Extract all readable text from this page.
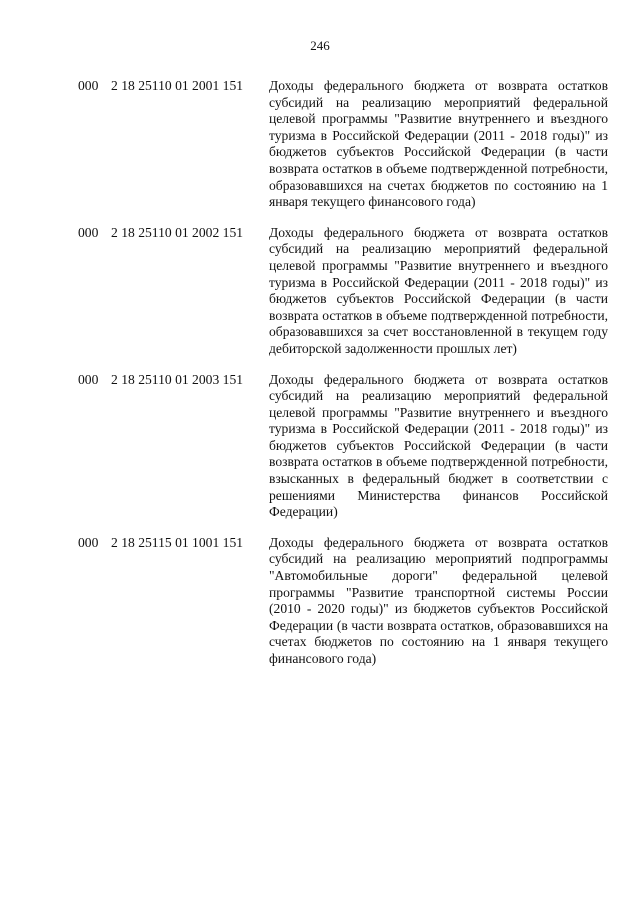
246
000 2 18 25110 01 2001 151	Доходы федерального бюджета от возврата остатков субсидий на реализацию мероприятий федеральной целевой программы "Развитие внутреннего и въездного туризма в Российской Федерации (2011 - 2018 годы)" из бюджетов субъектов Российской Федерации (в части возврата остатков в объеме подтвержденной потребности, образовавшихся на счетах бюджетов по состоянию на 1 января текущего финансового года)
000 2 18 25110 01 2002 151	Доходы федерального бюджета от возврата остатков субсидий на реализацию мероприятий федеральной целевой программы "Развитие внутреннего и въездного туризма в Российской Федерации (2011 - 2018 годы)" из бюджетов субъектов Российской Федерации (в части возврата остатков в объеме подтвержденной потребности, образовавшихся за счет восстановленной в текущем году дебиторской задолженности прошлых лет)
000 2 18 25110 01 2003 151	Доходы федерального бюджета от возврата остатков субсидий на реализацию мероприятий федеральной целевой программы "Развитие внутреннего и въездного туризма в Российской Федерации (2011 - 2018 годы)" из бюджетов субъектов Российской Федерации (в части возврата остатков в объеме подтвержденной потребности, взысканных в федеральный бюджет в соответствии с решениями Министерства финансов Российской Федерации)
000 2 18 25115 01 1001 151	Доходы федерального бюджета от возврата остатков субсидий на реализацию мероприятий подпрограммы "Автомобильные дороги" федеральной целевой программы "Развитие транспортной системы России (2010 - 2020 годы)" из бюджетов субъектов Российской Федерации (в части возврата остатков, образовавшихся на счетах бюджетов по состоянию на 1 января текущего финансового года)
